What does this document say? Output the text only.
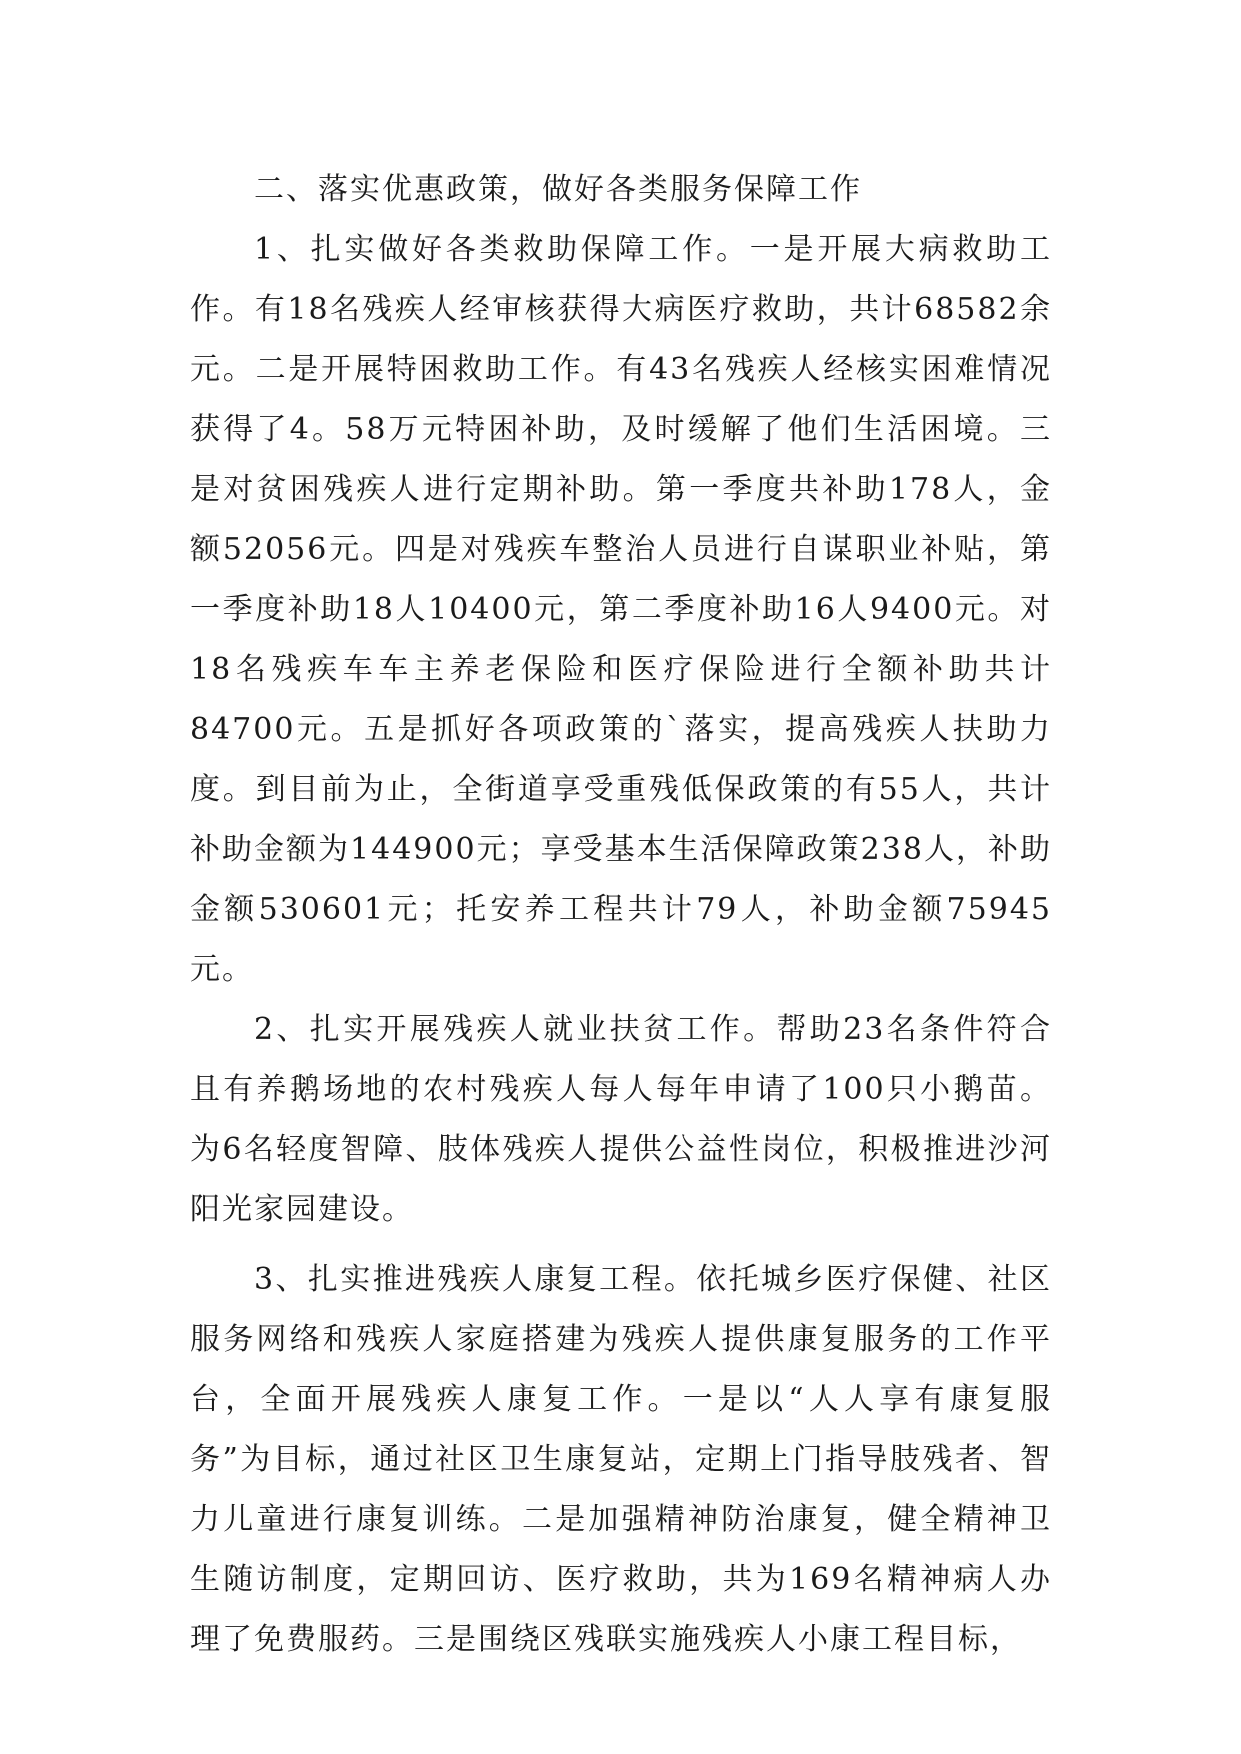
二、落实优惠政策，做好各类服务保障工作

1、扎实做好各类救助保障工作。一是开展大病救助工作。有18名残疾人经审核获得大病医疗救助，共计68582余元。二是开展特困救助工作。有43名残疾人经核实困难情况获得了4。58万元特困补助，及时缓解了他们生活困境。三是对贫困残疾人进行定期补助。第一季度共补助178人，金额52056元。四是对残疾车整治人员进行自谋职业补贴，第一季度补助18人10400元，第二季度补助16人9400元。对18名残疾车车主养老保险和医疗保险进行全额补助共计84700元。五是抓好各项政策的`落实，提高残疾人扶助力度。到目前为止，全街道享受重残低保政策的有55人，共计补助金额为144900元；享受基本生活保障政策238人，补助金额530601元；托安养工程共计79人，补助金额75945元。

2、扎实开展残疾人就业扶贫工作。帮助23名条件符合且有养鹅场地的农村残疾人每人每年申请了100只小鹅苗。为6名轻度智障、肢体残疾人提供公益性岗位，积极推进沙河阳光家园建设。

3、扎实推进残疾人康复工程。依托城乡医疗保健、社区服务网络和残疾人家庭搭建为残疾人提供康复服务的工作平台，全面开展残疾人康复工作。一是以“人人享有康复服务”为目标，通过社区卫生康复站，定期上门指导肢残者、智力儿童进行康复训练。二是加强精神防治康复，健全精神卫生随访制度，定期回访、医疗救助，共为169名精神病人办理了免费服药。三是围绕区残联实施残疾人小康工程目标，
